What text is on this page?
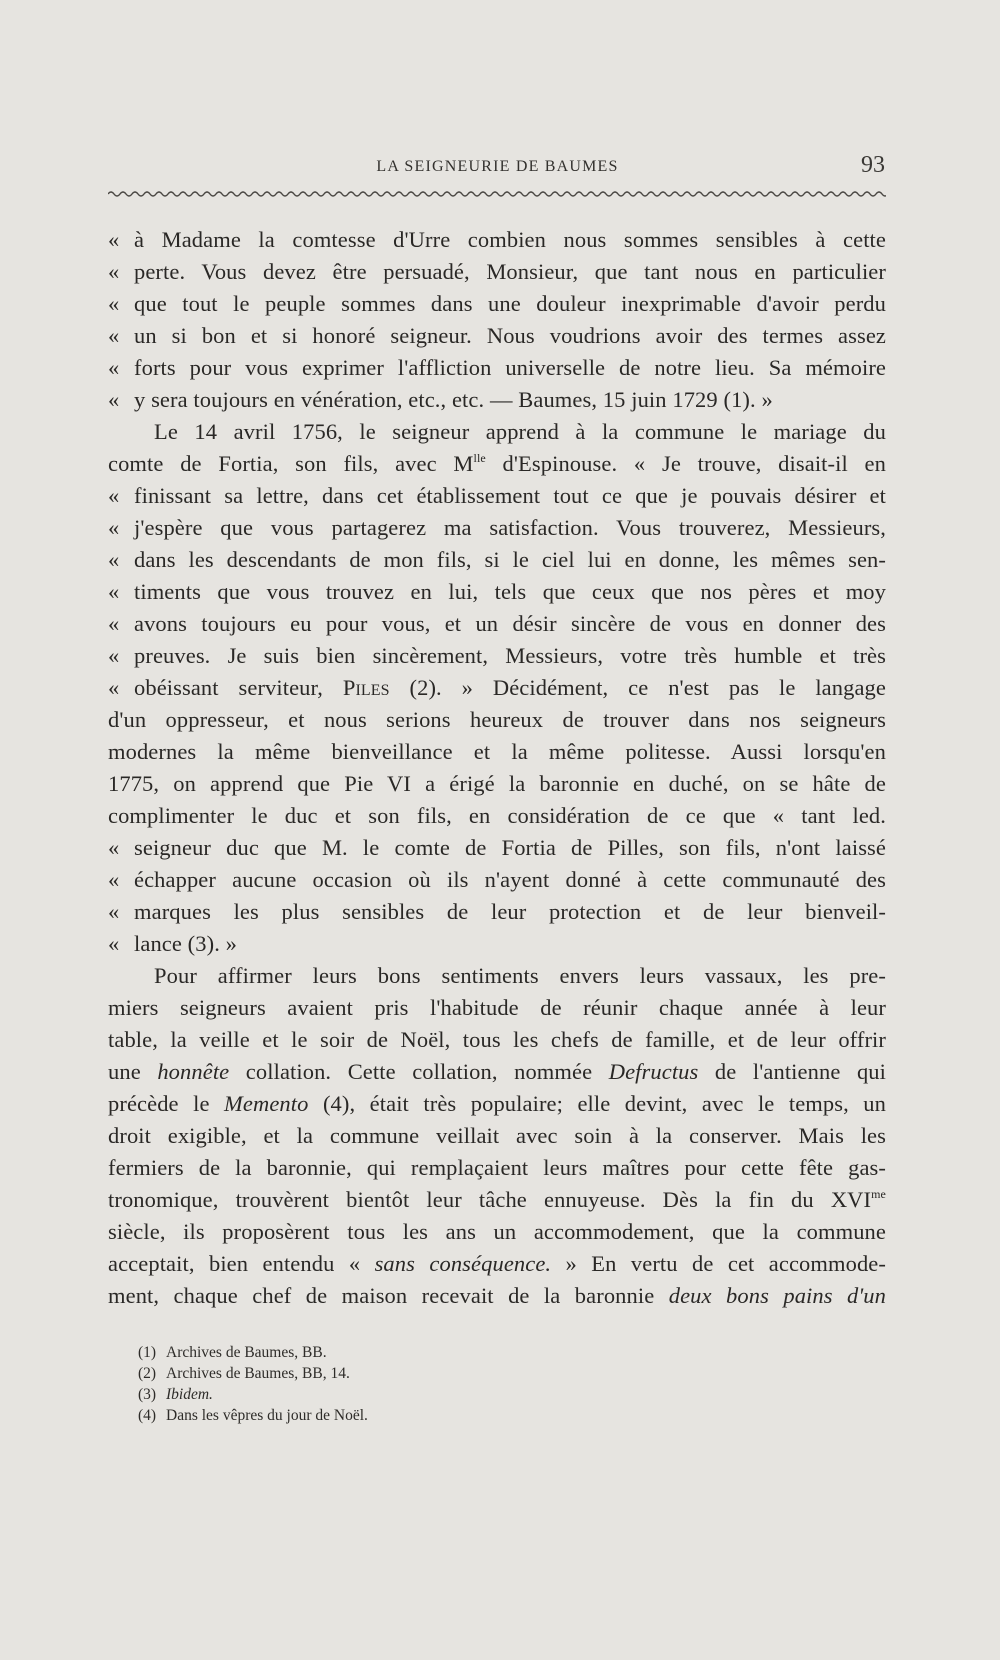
LA SEIGNEURIE DE BAUMES	93
« à Madame la comtesse d'Urre combien nous sommes sensibles à cette
« perte. Vous devez être persuadé, Monsieur, que tant nous en particulier
« que tout le peuple sommes dans une douleur inexprimable d'avoir perdu
« un si bon et si honoré seigneur. Nous voudrions avoir des termes assez
« forts pour vous exprimer l'affliction universelle de notre lieu. Sa mémoire
« y sera toujours en vénération, etc., etc. — Baumes, 15 juin 1729 (1). »
Le 14 avril 1756, le seigneur apprend à la commune le mariage du
comte de Fortia, son fils, avec $M^{lle}$ d'Espinouse. « Je trouve, disait-il en
« finissant sa lettre, dans cet établissement tout ce que je pouvais désirer et
« j'espère que vous partagerez ma satisfaction. Vous trouverez, Messieurs,
« dans les descendants de mon fils, si le ciel lui en donne, les mêmes sen-
« timents que vous trouvez en lui, tels que ceux que nos pères et moy
« avons toujours eu pour vous, et un désir sincère de vous en donner des
« preuves. Je suis bien sincèrement, Messieurs, votre très humble et très
« obéissant serviteur, Piles (2). » Décidément, ce n'est pas le langage
d'un oppresseur, et nous serions heureux de trouver dans nos seigneurs
modernes la même bienveillance et la même politesse. Aussi lorsqu'en
1775, on apprend que Pie VI a érigé la baronnie en duché, on se hâte de
complimenter le duc et son fils, en considération de ce que « tant led.
« seigneur duc que M. le comte de Fortia de Pilles, son fils, n'ont laissé
« échapper aucune occasion où ils n'ayent donné à cette communauté des
« marques les plus sensibles de leur protection et de leur bienveil-
« lance (3). »
Pour affirmer leurs bons sentiments envers leurs vassaux, les pre-
miers seigneurs avaient pris l'habitude de réunir chaque année à leur
table, la veille et le soir de Noël, tous les chefs de famille, et de leur offrir
une honnête collation. Cette collation, nommée Defructus de l'antienne qui
précède le Memento (4), était très populaire; elle devint, avec le temps, un
droit exigible, et la commune veillait avec soin à la conserver. Mais les
fermiers de la baronnie, qui remplaçaient leurs maîtres pour cette fête gas-
tronomique, trouvèrent bientôt leur tâche ennuyeuse. Dès la fin du $XVI^{me}$
siècle, ils proposèrent tous les ans un accommodement, que la commune
acceptait, bien entendu « sans conséquence. » En vertu de cet accommode-
ment, chaque chef de maison recevait de la baronnie deux bons pains d'un
(1) Archives de Baumes, BB.
(2) Archives de Baumes, BB, 14.
(3) Ibidem.
(4) Dans les vêpres du jour de Noël.
